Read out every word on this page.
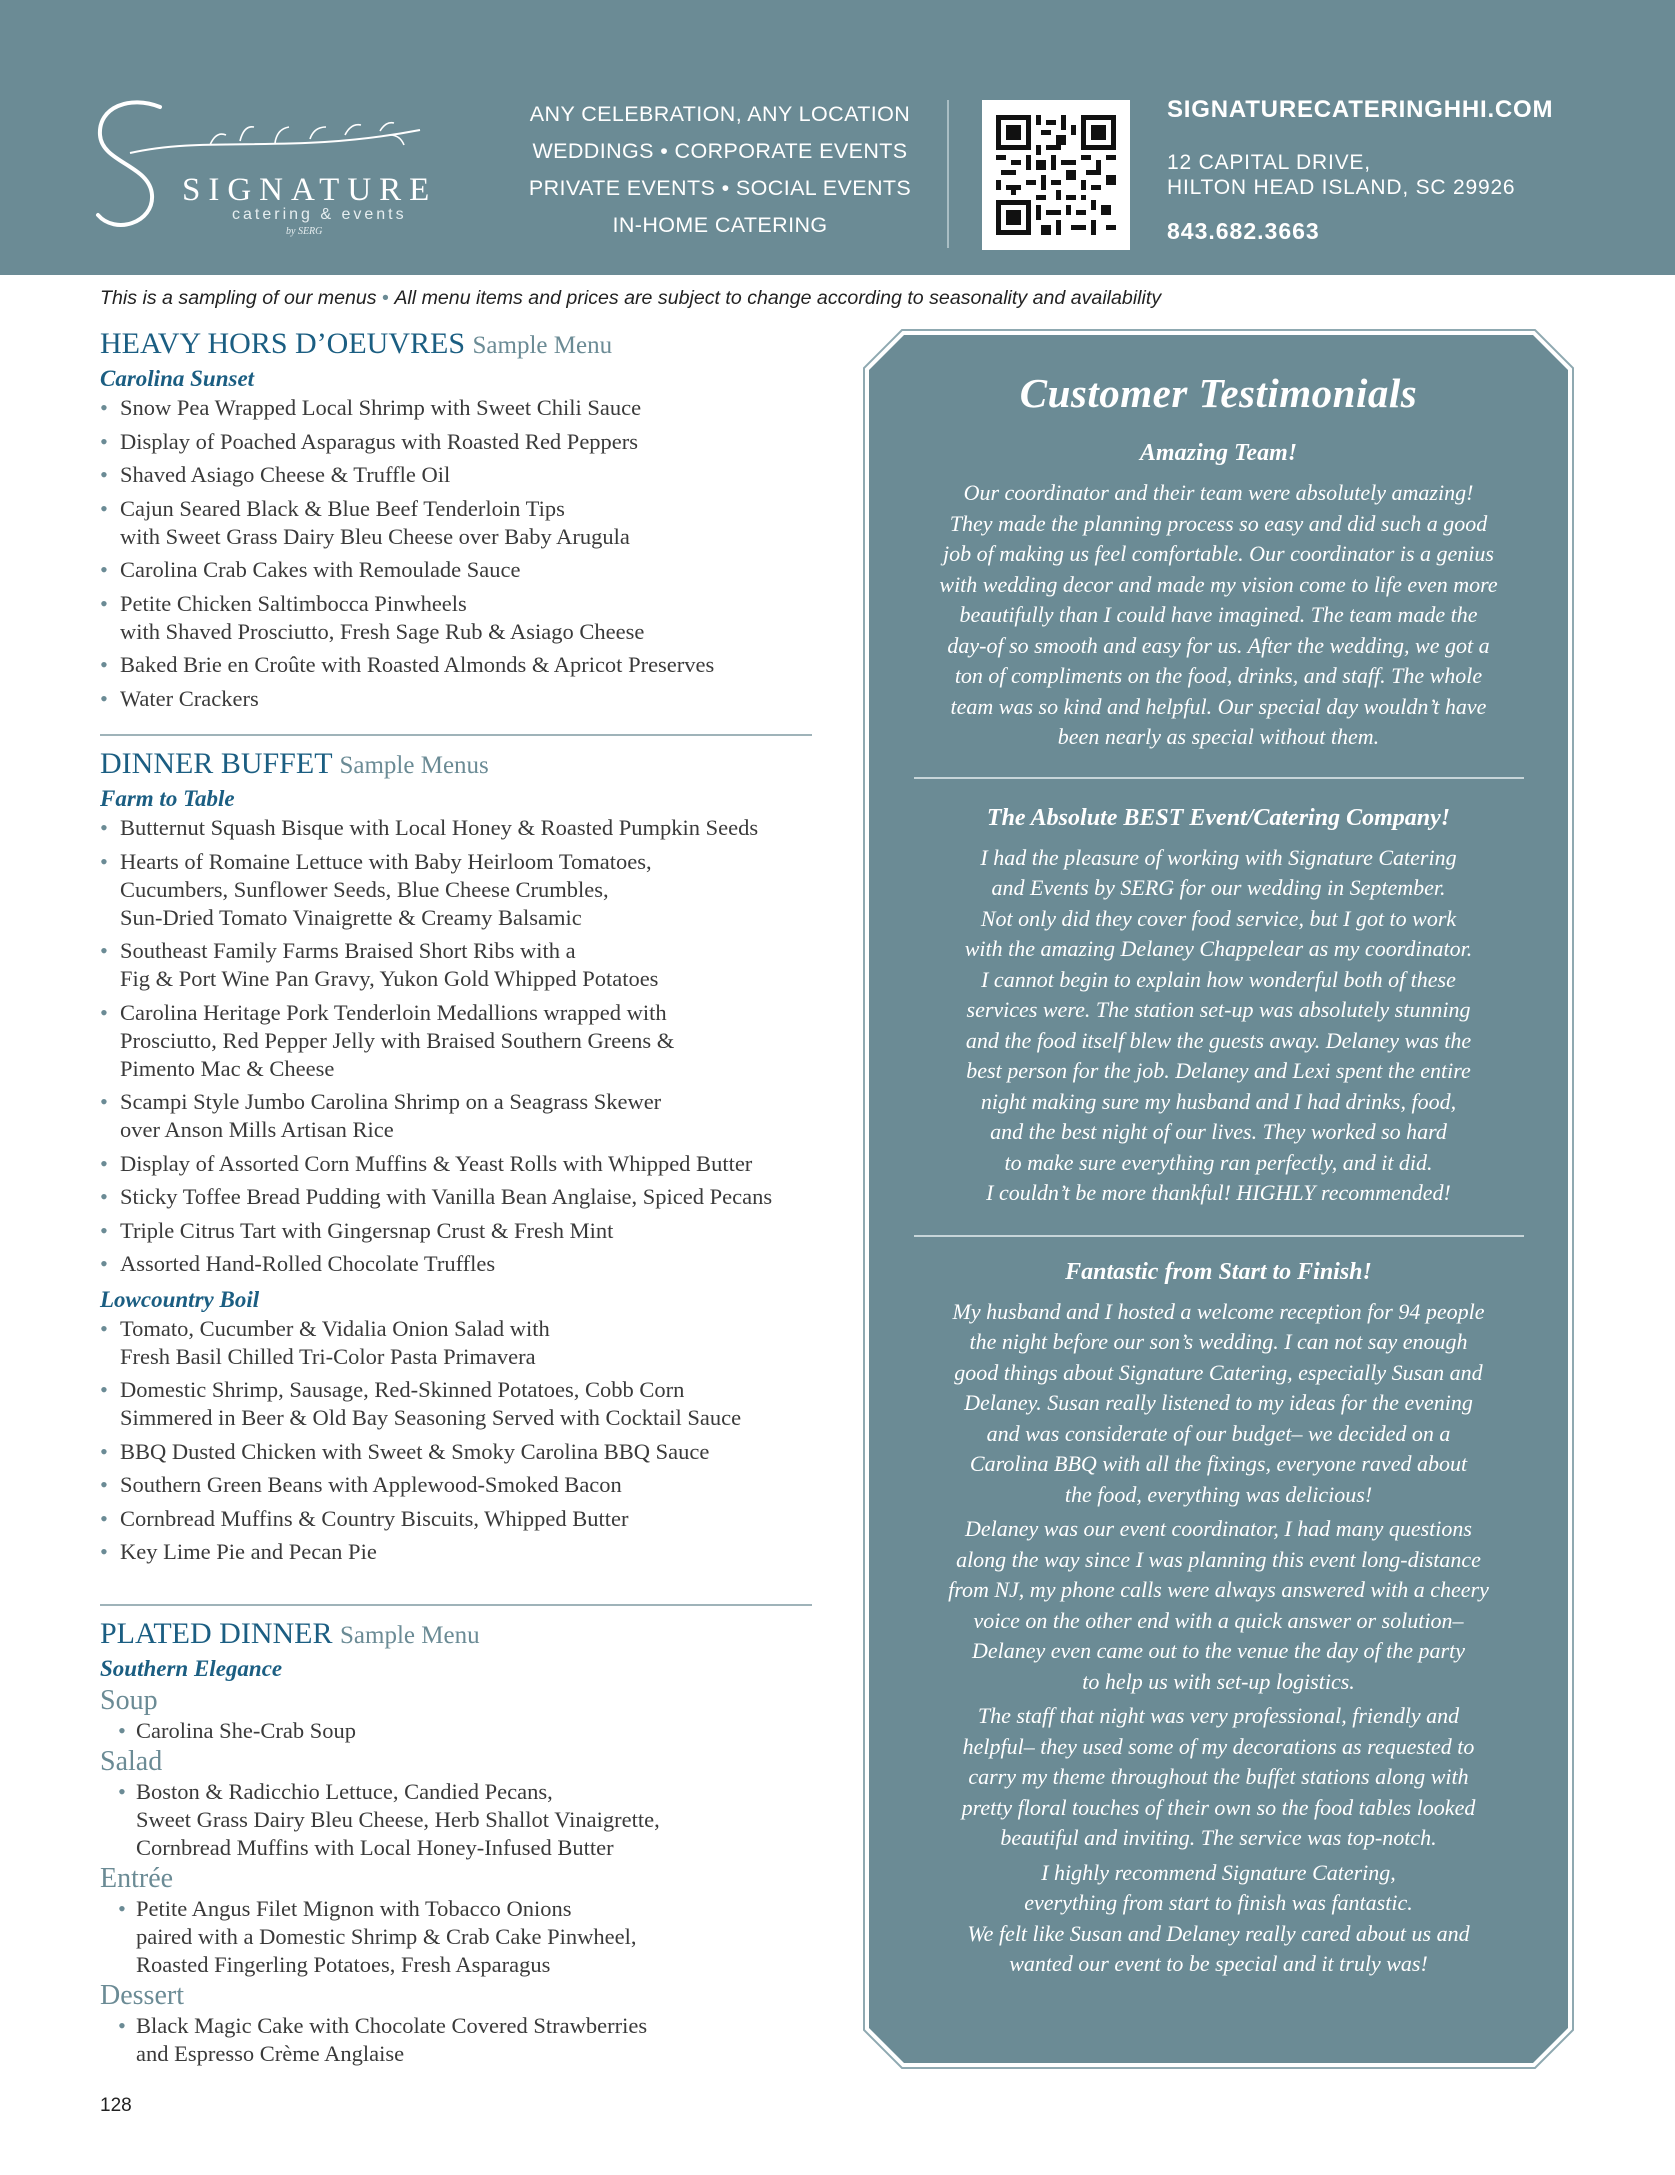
SIGNATURE
catering & events
by SERG
ANY CELEBRATION, ANY LOCATION
WEDDINGS • CORPORATE EVENTS
PRIVATE EVENTS • SOCIAL EVENTS
IN-HOME CATERING
SIGNATURECATERINGHHI.COM
12 CAPITAL DRIVE,
HILTON HEAD ISLAND, SC 29926
843.682.3663
This is a sampling of our menus • All menu items and prices are subject to change according to seasonality and availability
HEAVY HORS D’OEUVRES Sample Menu
Carolina Sunset
• Snow Pea Wrapped Local Shrimp with Sweet Chili Sauce
• Display of Poached Asparagus with Roasted Red Peppers
• Shaved Asiago Cheese & Truffle Oil
• Cajun Seared Black & Blue Beef Tenderloin Tips
with Sweet Grass Dairy Bleu Cheese over Baby Arugula
• Carolina Crab Cakes with Remoulade Sauce
• Petite Chicken Saltimbocca Pinwheels
with Shaved Prosciutto, Fresh Sage Rub & Asiago Cheese
• Baked Brie en Croûte with Roasted Almonds & Apricot Preserves
• Water Crackers
DINNER BUFFET Sample Menus
Farm to Table
• Butternut Squash Bisque with Local Honey & Roasted Pumpkin Seeds
• Hearts of Romaine Lettuce with Baby Heirloom Tomatoes,
Cucumbers, Sunflower Seeds, Blue Cheese Crumbles,
Sun-Dried Tomato Vinaigrette & Creamy Balsamic
• Southeast Family Farms Braised Short Ribs with a
Fig & Port Wine Pan Gravy, Yukon Gold Whipped Potatoes
• Carolina Heritage Pork Tenderloin Medallions wrapped with
Prosciutto, Red Pepper Jelly with Braised Southern Greens &
Pimento Mac & Cheese
• Scampi Style Jumbo Carolina Shrimp on a Seagrass Skewer
over Anson Mills Artisan Rice
• Display of Assorted Corn Muffins & Yeast Rolls with Whipped Butter
• Sticky Toffee Bread Pudding with Vanilla Bean Anglaise, Spiced Pecans
• Triple Citrus Tart with Gingersnap Crust & Fresh Mint
• Assorted Hand-Rolled Chocolate Truffles
Lowcountry Boil
• Tomato, Cucumber & Vidalia Onion Salad with
Fresh Basil Chilled Tri-Color Pasta Primavera
• Domestic Shrimp, Sausage, Red-Skinned Potatoes, Cobb Corn
Simmered in Beer & Old Bay Seasoning Served with Cocktail Sauce
• BBQ Dusted Chicken with Sweet & Smoky Carolina BBQ Sauce
• Southern Green Beans with Applewood-Smoked Bacon
• Cornbread Muffins & Country Biscuits, Whipped Butter
• Key Lime Pie and Pecan Pie
PLATED DINNER Sample Menu
Southern Elegance
Soup
• Carolina She-Crab Soup
Salad
• Boston & Radicchio Lettuce, Candied Pecans,
Sweet Grass Dairy Bleu Cheese, Herb Shallot Vinaigrette,
Cornbread Muffins with Local Honey-Infused Butter
Entrée
• Petite Angus Filet Mignon with Tobacco Onions
paired with a Domestic Shrimp & Crab Cake Pinwheel,
Roasted Fingerling Potatoes, Fresh Asparagus
Dessert
• Black Magic Cake with Chocolate Covered Strawberries
and Espresso Crème Anglaise
128
Customer Testimonials
Amazing Team!
Our coordinator and their team were absolutely amazing!
They made the planning process so easy and did such a good
job of making us feel comfortable. Our coordinator is a genius
with wedding decor and made my vision come to life even more
beautifully than I could have imagined. The team made the
day-of so smooth and easy for us. After the wedding, we got a
ton of compliments on the food, drinks, and staff. The whole
team was so kind and helpful. Our special day wouldn’t have
been nearly as special without them.
The Absolute BEST Event/Catering Company!
I had the pleasure of working with Signature Catering
and Events by SERG for our wedding in September.
Not only did they cover food service, but I got to work
with the amazing Delaney Chappelear as my coordinator.
I cannot begin to explain how wonderful both of these
services were. The station set-up was absolutely stunning
and the food itself blew the guests away. Delaney was the
best person for the job. Delaney and Lexi spent the entire
night making sure my husband and I had drinks, food,
and the best night of our lives. They worked so hard
to make sure everything ran perfectly, and it did.
I couldn’t be more thankful! HIGHLY recommended!
Fantastic from Start to Finish!
My husband and I hosted a welcome reception for 94 people
the night before our son’s wedding. I can not say enough
good things about Signature Catering, especially Susan and
Delaney. Susan really listened to my ideas for the evening
and was considerate of our budget– we decided on a
Carolina BBQ with all the fixings, everyone raved about
the food, everything was delicious!
Delaney was our event coordinator, I had many questions
along the way since I was planning this event long-distance
from NJ, my phone calls were always answered with a cheery
voice on the other end with a quick answer or solution–
Delaney even came out to the venue the day of the party
to help us with set-up logistics.
The staff that night was very professional, friendly and
helpful– they used some of my decorations as requested to
carry my theme throughout the buffet stations along with
pretty floral touches of their own so the food tables looked
beautiful and inviting. The service was top-notch.
I highly recommend Signature Catering,
everything from start to finish was fantastic.
We felt like Susan and Delaney really cared about us and
wanted our event to be special and it truly was!
